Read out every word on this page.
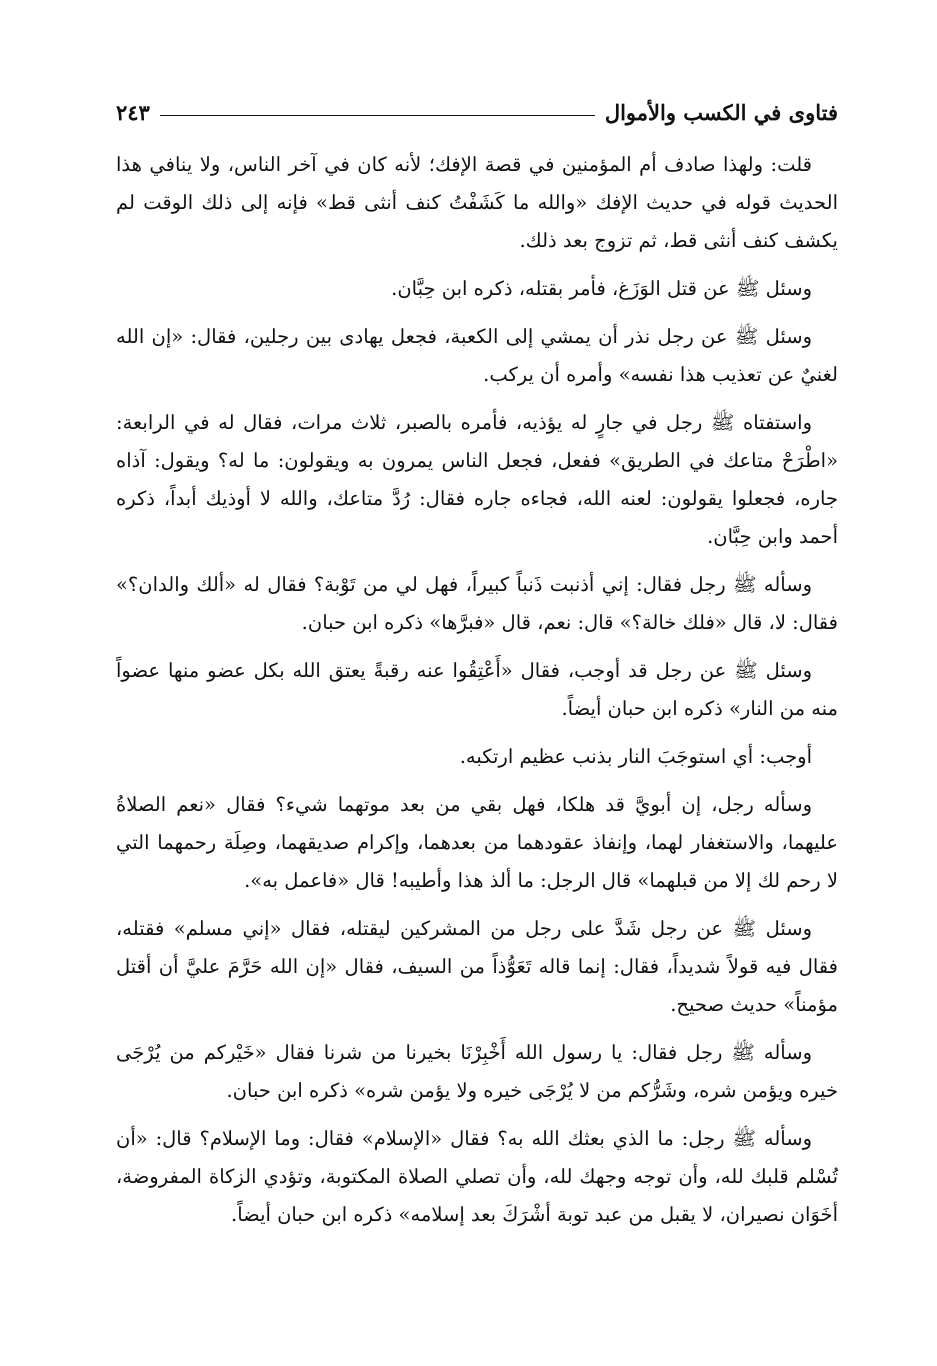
فتاوى في الكسب والأموال
٢٤٣

قلت: ولهذا صادف أم المؤمنين في قصة الإفك؛ لأنه كان في آخر الناس، ولا ينافي هذا الحديث قوله في حديث الإفك «والله ما كَشَفْتُ كنف أنثى قط» فإنه إلى ذلك الوقت لم يكشف كنف أنثى قط، ثم تزوج بعد ذلك.

وسئل ﷺ عن قتل الوَزَغ، فأمر بقتله، ذكره ابن حِبَّان.

وسئل ﷺ عن رجل نذر أن يمشي إلى الكعبة، فجعل يهادى بين رجلين، فقال: «إن الله لغنيٌ عن تعذيب هذا نفسه» وأمره أن يركب.

واستفتاه ﷺ رجل في جارٍ له يؤذيه، فأمره بالصبر، ثلاث مرات، فقال له في الرابعة: «اطْرَحْ متاعك في الطريق» ففعل، فجعل الناس يمرون به ويقولون: ما له؟ ويقول: آذاه جاره، فجعلوا يقولون: لعنه الله، فجاءه جاره فقال: رُدَّ متاعك، والله لا أوذيك أبداً، ذكره أحمد وابن حِبَّان.

وسأله ﷺ رجل فقال: إني أذنبت ذَنباً كبيراً، فهل لي من تَوْبة؟ فقال له «ألك والدان؟» فقال: لا، قال «فلك خالة؟» قال: نعم، قال «فبرَّها» ذكره ابن حبان.

وسئل ﷺ عن رجل قد أوجب، فقال «أَعْتِقُوا عنه رقبةً يعتق الله بكل عضو منها عضواً منه من النار» ذكره ابن حبان أيضاً.

أوجب: أي استوجَبَ النار بذنب عظيم ارتكبه.

وسأله رجل، إن أبويَّ قد هلكا، فهل بقي من بعد موتهما شيء؟ فقال «نعم الصلاةُ عليهما، والاستغفار لهما، وإنفاذ عقودهما من بعدهما، وإكرام صديقهما، وصِلَة رحمهما التي لا رحم لك إلا من قبلهما» قال الرجل: ما ألذ هذا وأطيبه! قال «فاعمل به».

وسئل ﷺ عن رجل شَدَّ على رجل من المشركين ليقتله، فقال «إني مسلم» فقتله، فقال فيه قولاً شديداً، فقال: إنما قاله تَعَوُّذاً من السيف، فقال «إن الله حَرَّمَ عليَّ أن أقتل مؤمناً» حديث صحيح.

وسأله ﷺ رجل فقال: يا رسول الله أَخْبِرْنَا بخيرنا من شرنا فقال «خَيْركم من يُرْجَى خيره ويؤمن شره، وشَرُّكم من لا يُرْجَى خيره ولا يؤمن شره» ذكره ابن حبان.

وسأله ﷺ رجل: ما الذي بعثك الله به؟ فقال «الإسلام» فقال: وما الإسلام؟ قال: «أن تُسْلم قلبك لله، وأن توجه وجهك لله، وأن تصلي الصلاة المكتوبة، وتؤدي الزكاة المفروضة، أخَوَان نصيران، لا يقبل من عبد توبة أشْرَكَ بعد إسلامه» ذكره ابن حبان أيضاً.
